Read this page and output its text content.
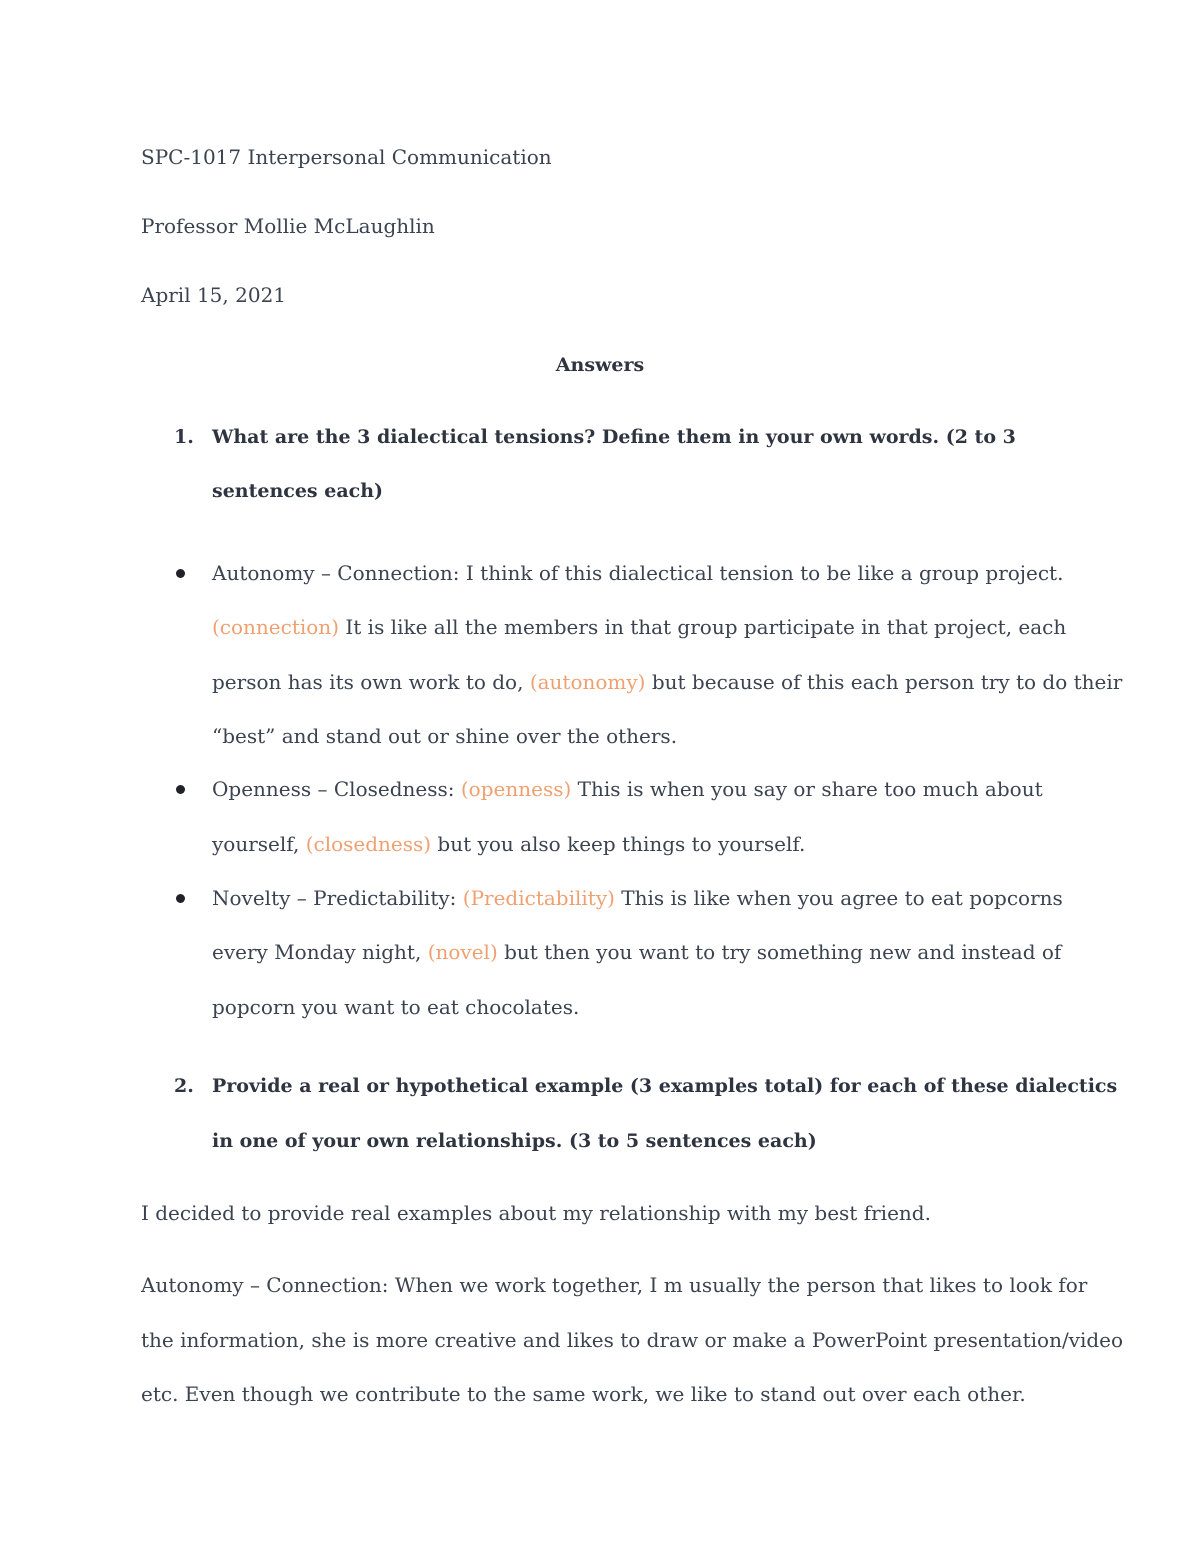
SPC-1017 Interpersonal Communication
Professor Mollie McLaughlin
April 15, 2021
Answers
1. What are the 3 dialectical tensions? Define them in your own words. (2 to 3
sentences each)
Autonomy – Connection: I think of this dialectical tension to be like a group project.
(connection) It is like all the members in that group participate in that project, each
person has its own work to do, (autonomy) but because of this each person try to do their
“best” and stand out or shine over the others.
Openness – Closedness: (openness) This is when you say or share too much about
yourself, (closedness) but you also keep things to yourself.
Novelty – Predictability: (Predictability) This is like when you agree to eat popcorns
every Monday night, (novel) but then you want to try something new and instead of
popcorn you want to eat chocolates.
2. Provide a real or hypothetical example (3 examples total) for each of these dialectics
in one of your own relationships. (3 to 5 sentences each)
I decided to provide real examples about my relationship with my best friend.
Autonomy – Connection: When we work together, I m usually the person that likes to look for
the information, she is more creative and likes to draw or make a PowerPoint presentation/video
etc. Even though we contribute to the same work, we like to stand out over each other.
